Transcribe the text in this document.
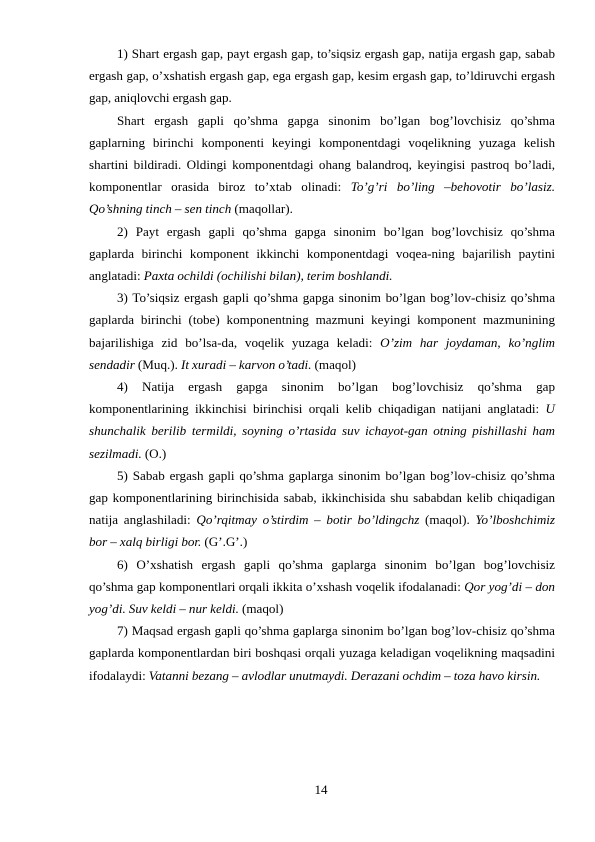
1) Shart ergash gap, payt ergash gap, to’siqsiz ergash gap, natija ergash gap, sabab ergash gap, o’xshatish ergash gap, ega ergash gap, kesim ergash gap, to’ldiruvchi ergash gap, aniqlovchi ergash gap.

Shart ergash gapli qo’shma gapga sinonim bo’lgan bog’lovchisiz qo’shma gaplarning birinchi komponenti keyingi komponentdagi voqelikning yuzaga kelish shartini bildiradi. Oldingi komponentdagi ohang balandroq, keyingisi pastroq bo’ladi, komponentlar orasida biroz to’xtab olinadi: To’g’ri bo’ling –behovotir bo’lasiz. Qo’shning tinch – sen tinch (maqollar).

2) Payt ergash gapli qo’shma gapga sinonim bo’lgan bog’lovchisiz qo’shma gaplarda birinchi komponent ikkinchi komponentdagi voqea-ning bajarilish paytini anglatadi: Paxta ochildi (ochilishi bilan), terim boshlandi.

3) To’siqsiz ergash gapli qo’shma gapga sinonim bo’lgan bog’lov-chisiz qo’shma gaplarda birinchi (tobe) komponentning mazmuni keyingi komponent mazmunining bajarilishiga zid bo’lsa-da, voqelik yuzaga keladi: O’zim har joydaman, ko’nglim sendadir (Muq.). It xuradi – karvon o’tadi. (maqol)

4) Natija ergash gapga sinonim bo’lgan bog’lovchisiz qo’shma gap komponentlarining ikkinchisi birinchisi orqali kelib chiqadigan natijani anglatadi: U shunchalik berilib termildi, soyning o’rtasida suv ichayot-gan otning pishillashi ham sezilmadi. (O.)

5) Sabab ergash gapli qo’shma gaplarga sinonim bo’lgan bog’lov-chisiz qo’shma gap komponentlarining birinchisida sabab, ikkinchisida shu sababdan kelib chiqadigan natija anglashiladi: Qo’rqitmay o’stirdim – botir bo’ldingchz (maqol). Yo’lboshchimiz bor – xalq birligi bor. (G’.G’.)

6) O’xshatish ergash gapli qo’shma gaplarga sinonim bo’lgan bog’lovchisiz qo’shma gap komponentlari orqali ikkita o’xshash voqelik ifodalanadi: Qor yog’di – don yog’di. Suv keldi – nur keldi. (maqol)

7) Maqsad ergash gapli qo’shma gaplarga sinonim bo’lgan bog’lov-chisiz qo’shma gaplarda komponentlardan biri boshqasi orqali yuzaga keladigan voqelikning maqsadini ifodalaydi: Vatanni bezang – avlodlar unutmaydi. Derazani ochdim – toza havo kirsin.

14
